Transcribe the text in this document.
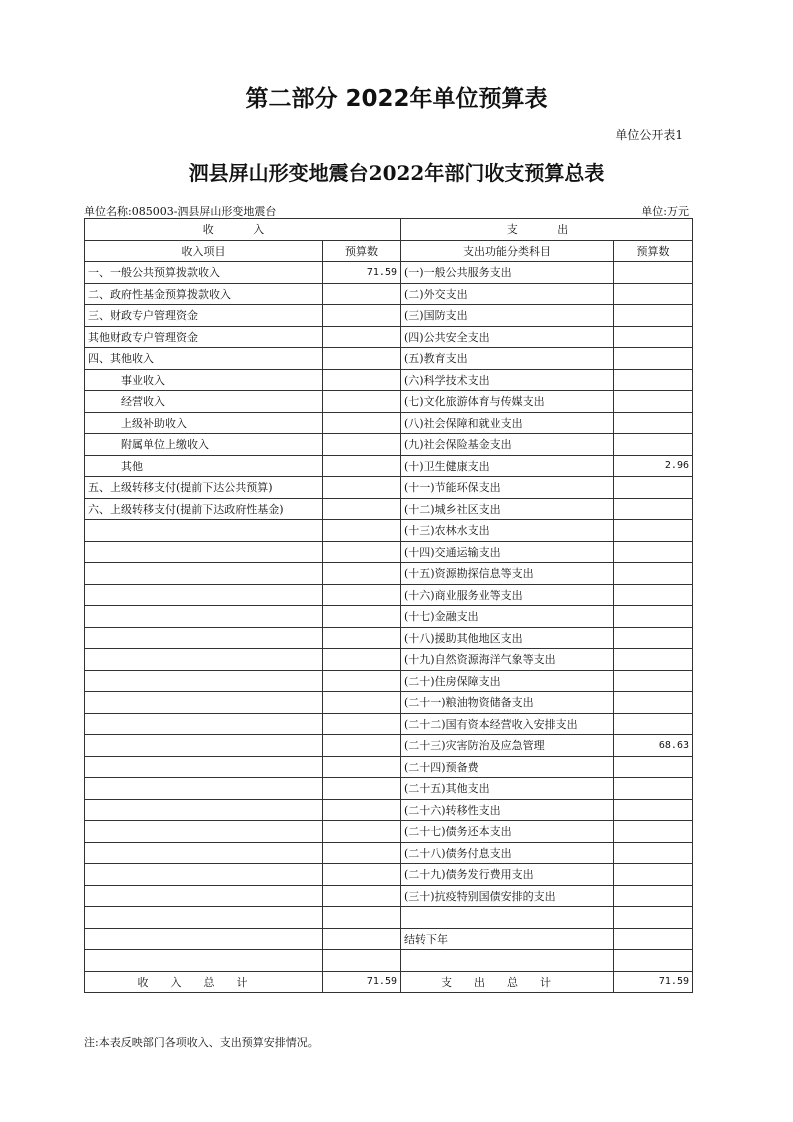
第二部分 2022年单位预算表
单位公开表1
泗县屏山形变地震台2022年部门收支预算总表
单位名称:085003-泗县屏山形变地震台	单位:万元
收 入		支 出	
收入项目	预算数	支出功能分类科目	预算数
一、一般公共预算拨款收入	71.59	(一)一般公共服务支出	
二、政府性基金预算拨款收入		(二)外交支出	
三、财政专户管理资金		(三)国防支出	
其他财政专户管理资金		(四)公共安全支出	
四、其他收入		(五)教育支出	
事业收入		(六)科学技术支出	
经营收入		(七)文化旅游体育与传媒支出	
上级补助收入		(八)社会保障和就业支出	
附属单位上缴收入		(九)社会保险基金支出	
其他		(十)卫生健康支出	2.96
五、上级转移支付(提前下达公共预算)		(十一)节能环保支出	
六、上级转移支付(提前下达政府性基金)		(十二)城乡社区支出	
		(十三)农林水支出	
		(十四)交通运输支出	
		(十五)资源勘探信息等支出	
		(十六)商业服务业等支出	
		(十七)金融支出	
		(十八)援助其他地区支出	
		(十九)自然资源海洋气象等支出	
		(二十)住房保障支出	
		(二十一)粮油物资储备支出	
		(二十二)国有资本经营收入安排支出	
		(二十三)灾害防治及应急管理	68.63
		(二十四)预备费	
		(二十五)其他支出	
		(二十六)转移性支出	
		(二十七)债务还本支出	
		(二十八)债务付息支出	
		(二十九)债务发行费用支出	
		(三十)抗疫特别国债安排的支出	

		结转下年	

收入总计	71.59	支出总计	71.59
注:本表反映部门各项收入、支出预算安排情况。
